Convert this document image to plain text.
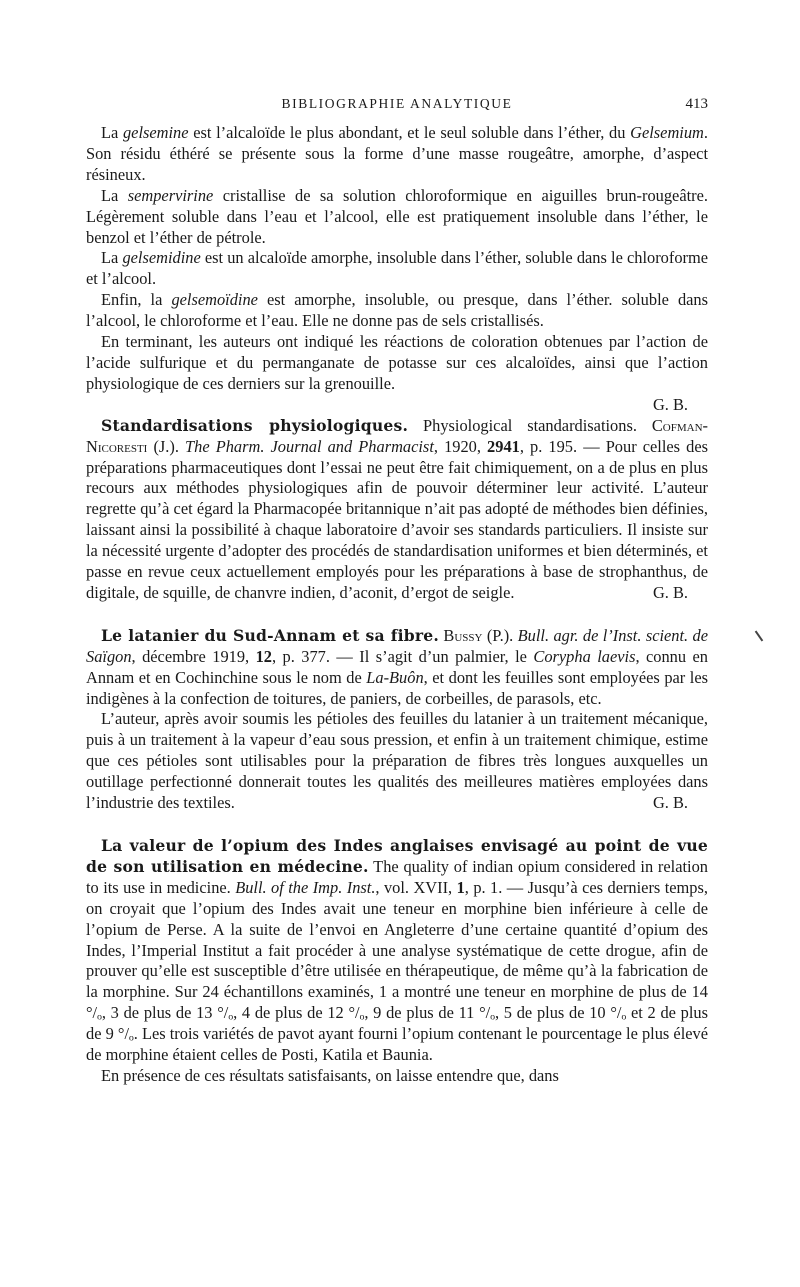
BIBLIOGRAPHIE ANALYTIQUE	413

La gelsemine est l’alcaloïde le plus abondant, et le seul soluble dans l’éther, du Gelsemium. Son résidu éthéré se présente sous la forme d’une masse rougeâtre, amorphe, d’aspect résineux.

La sempervirine cristallise de sa solution chloroformique en aiguilles brun-rougeâtre. Légèrement soluble dans l’eau et l’alcool, elle est pratiquement insoluble dans l’éther, le benzol et l’éther de pétrole.

La gelsemidine est un alcaloïde amorphe, insoluble dans l’éther, soluble dans le chloroforme et l’alcool.

Enfin, la gelsemoïdine est amorphe, insoluble, ou presque, dans l’éther. soluble dans l’alcool, le chloroforme et l’eau. Elle ne donne pas de sels cristallisés.

En terminant, les auteurs ont indiqué les réactions de coloration obtenues par l’action de l’acide sulfurique et du permanganate de potasse sur ces alcaloïdes, ainsi que l’action physiologique de ces derniers sur la grenouille.

G. B.

Standardisations physiologiques. Physiological standardisations. Cofman-Nicoresti (J.). The Pharm. Journal and Pharmacist, 1920, 2941, p. 195. — Pour celles des préparations pharmaceutiques dont l’essai ne peut être fait chimiquement, on a de plus en plus recours aux méthodes physiologiques afin de pouvoir déterminer leur activité. L’auteur regrette qu’à cet égard la Pharmacopée britannique n’ait pas adopté de méthodes bien définies, laissant ainsi la possibilité à chaque laboratoire d’avoir ses standards particuliers. Il insiste sur la nécessité urgente d’adopter des procédés de standardisation uniformes et bien déterminés, et passe en revue ceux actuellement employés pour les préparations à base de strophanthus, de digitale, de squille, de chanvre indien, d’aconit, d’ergot de seigle.	G. B.

Le latanier du Sud-Annam et sa fibre. Bussy (P.). Bull. agr. de l’Inst. scient. de Saïgon, décembre 1919, 12, p. 377. — Il s’agit d’un palmier, le Corypha laevis, connu en Annam et en Cochinchine sous le nom de La-Buôn, et dont les feuilles sont employées par les indigènes à la confection de toitures, de paniers, de corbeilles, de parasols, etc.

L’auteur, après avoir soumis les pétioles des feuilles du latanier à un traitement mécanique, puis à un traitement à la vapeur d’eau sous pression, et enfin à un traitement chimique, estime que ces pétioles sont utilisables pour la préparation de fibres très longues auxquelles un outillage perfectionné donnerait toutes les qualités des meilleures matières employées dans l’industrie des textiles.	G. B.

La valeur de l’opium des Indes anglaises envisagé au point de vue de son utilisation en médecine. The quality of indian opium considered in relation to its use in medicine. Bull. of the Imp. Inst., vol. XVII, 1, p. 1. — Jusqu’à ces derniers temps, on croyait que l’opium des Indes avait une teneur en morphine bien inférieure à celle de l’opium de Perse. A la suite de l’envoi en Angleterre d’une certaine quantité d’opium des Indes, l’Imperial Institut a fait procéder à une analyse systématique de cette drogue, afin de prouver qu’elle est susceptible d’être utilisée en thérapeutique, de même qu’à la fabrication de la morphine. Sur 24 échantillons examinés, 1 a montré une teneur en morphine de plus de 14 °/ₒ, 3 de plus de 13 °/ₒ, 4 de plus de 12 °/ₒ, 9 de plus de 11 °/ₒ, 5 de plus de 10 °/ₒ et 2 de plus de 9 °/ₒ. Les trois variétés de pavot ayant fourni l’opium contenant le pourcentage le plus élevé de morphine étaient celles de Posti, Katila et Baunia.

En présence de ces résultats satisfaisants, on laisse entendre que, dans
